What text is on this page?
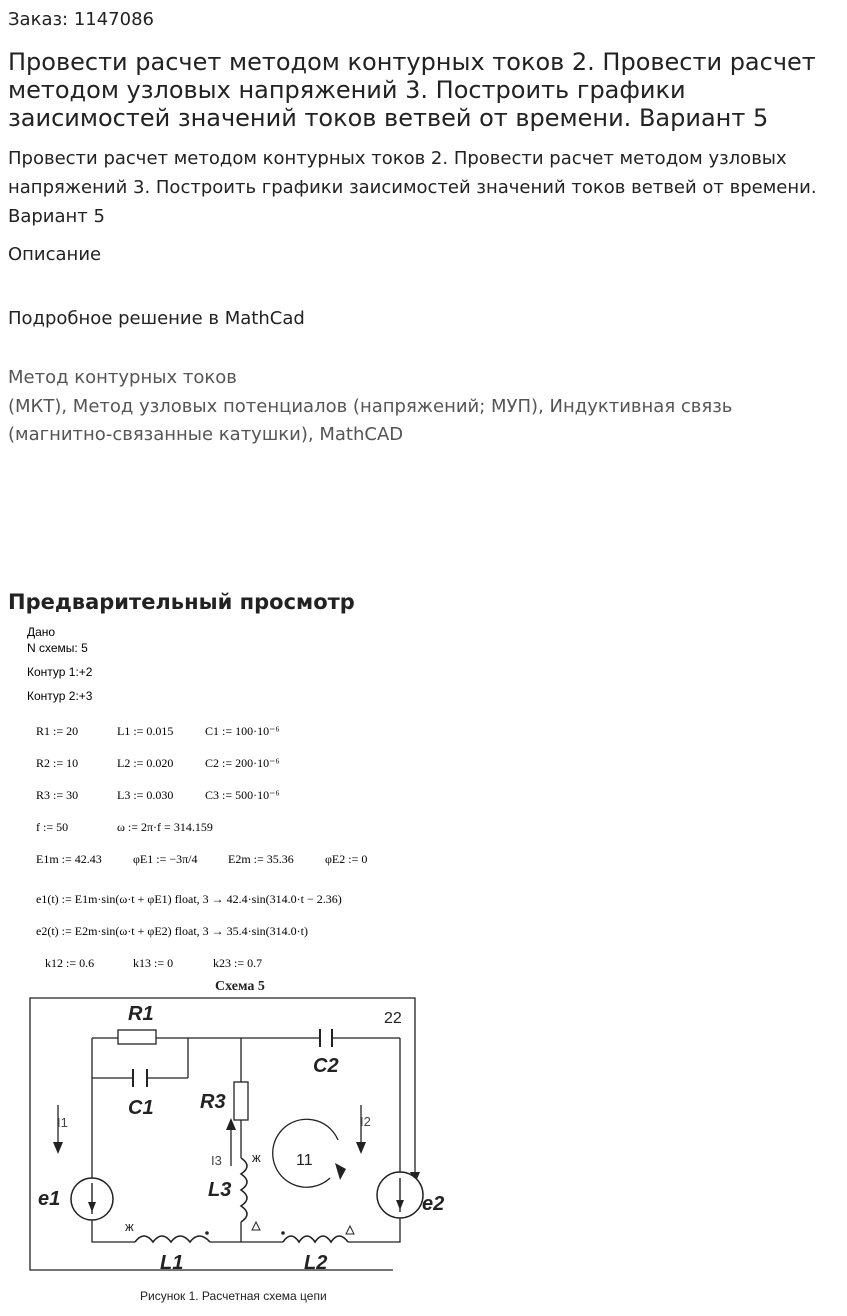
Заказ: 1147086
Провести расчет методом контурных токов 2. Провести расчет методом узловых напряжений 3. Построить графики заисимостей значений токов ветвей от времени. Вариант 5
Провести расчет методом контурных токов 2. Провести расчет методом узловых напряжений 3. Построить графики заисимостей значений токов ветвей от времени. Вариант 5
Описание
Подробное решение в MathCad
Метод контурных токов
(МКТ), Метод узловых потенциалов (напряжений; МУП), Индуктивная связь
(магнитно-связанные катушки), MathCAD
Предварительный просмотр
Дано
N схемы: 5
Контур 1:+2
Контур 2:+3
R1 := 20	L1 := 0.015	C1 := 100·10⁻⁶
R2 := 10	L2 := 0.020	C2 := 200·10⁻⁶
R3 := 30	L3 := 0.030	C3 := 500·10⁻⁶
f := 50	ω := 2π·f = 314.159
E1m := 42.43	φE1 := −3π/4	E2m := 35.36	φE2 := 0
e1(t) := E1m·sin(ω·t + φE1) float, 3 → 42.4·sin(314.0·t − 2.36)
e2(t) := E2m·sin(ω·t + φE2) float, 3 → 35.4·sin(314.0·t)
k12 := 0.6	k13 := 0	k23 := 0.7
Схема 5
ж
ж
R1
C1
C2
R3
L3
L1	L2
e1	e2
22
11
I1	I2
I3
Рисунок 1. Расчетная схема цепи
